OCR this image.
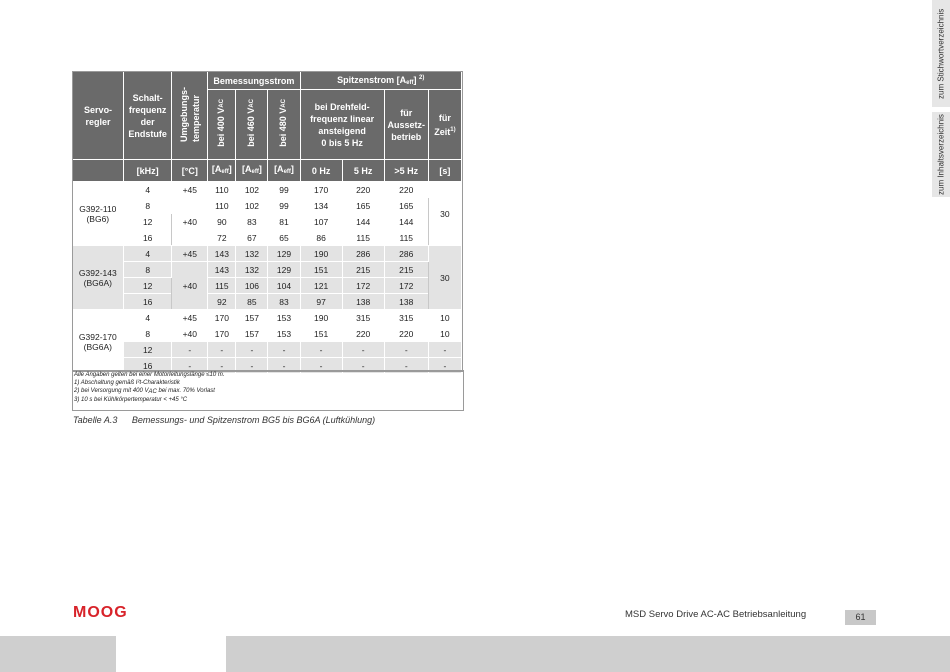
Servo-
regler	Schalt-
frequenz
der
Endstufe	Umgebungs-
temperatur	Bemessungsstrom			Spitzenstrom $[A_{eff}]$ $^{2)}$
			bei 400 $V_{AC}$	bei 460 $V_{AC}$	bei 480 $V_{AC}$	bei Drehfeld-
frequenz linear
ansteigend
0 bis 5 Hz		für
Aussetz-
betrieb	für
Zeit$^{1)}$
	[kHz]	[°C]	$[A_{eff}]$	$[A_{eff}]$	$[A_{eff}]$	0 Hz	5 Hz	>5 Hz	[s]
G392-110
(BG6)	4	+45	110	102	99	170	220	220	30
	8	+40	110	102	99	134	165	165	
	12		90	83	81	107	144	144	
	16		72	67	65	86	115	115	
G392-143
(BG6A)	4	+45	143	132	129	190	286	286	30
	8	+40	143	132	129	151	215	215	
	12		115	106	104	121	172	172	
	16		92	85	83	97	138	138	
G392-170
(BG6A)	4	+45	170	157	153	190	315	315	10
	8	+40	170	157	153	151	220	220	10
	12	-	-	-	-	-	-	-	-
	16	-	-	-	-	-	-	-	-
Alle Angaben gelten bei einer Motorleitungslänge ≤10 m.
1) Abschaltung gemäß I²t-Charakteristik
2) bei Versorgung mit 400 $V_{AC}$ bei max. 70% Vorlast
3) 10 s bei Kühlkörpertemperatur < +45 °C
Tabelle A.3 Bemessungs- und Spitzenstrom BG5 bis BG6A (Luftkühlung)
zum Stichwortverzeichnis
zum Inhaltsverzeichnis
MOOG	MSD Servo Drive AC-AC Betriebsanleitung	61
